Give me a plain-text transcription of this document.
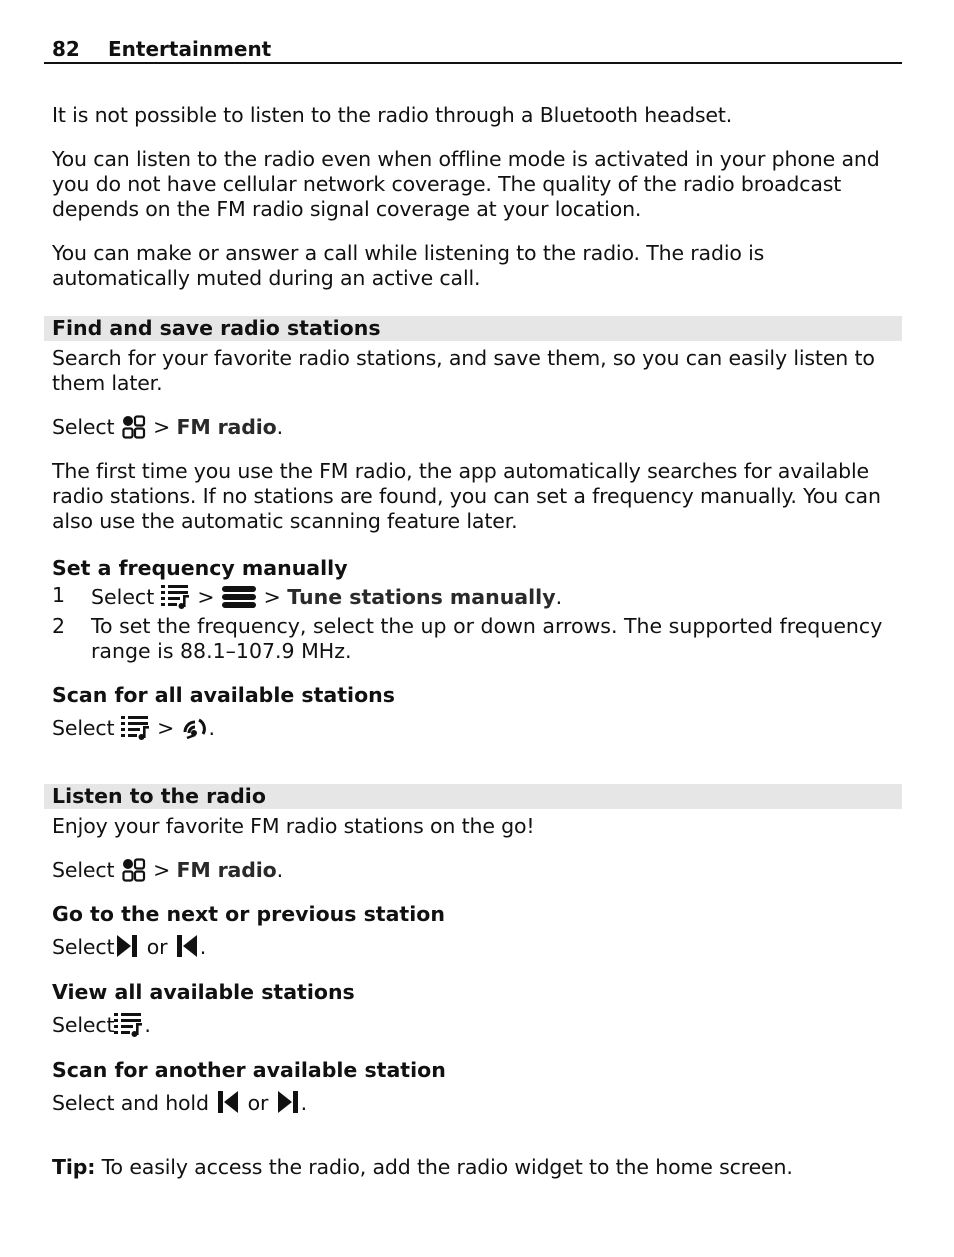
82 Entertainment

It is not possible to listen to the radio through a Bluetooth headset.

You can listen to the radio even when offline mode is activated in your phone and you do not have cellular network coverage. The quality of the radio broadcast depends on the FM radio signal coverage at your location.

You can make or answer a call while listening to the radio. The radio is automatically muted during an active call.

Find and save radio stations

Search for your favorite radio stations, and save them, so you can easily listen to them later.

Select > FM radio.

The first time you use the FM radio, the app automatically searches for available radio stations. If no stations are found, you can set a frequency manually. You can also use the automatic scanning feature later.

Set a frequency manually
1 Select > > Tune stations manually.
2 To set the frequency, select the up or down arrows. The supported frequency range is 88.1–107.9 MHz.
Scan for all available stations
Select > .
Listen to the radio

Enjoy your favorite FM radio stations on the go!

Select > FM radio.
Go to the next or previous station
Select or .
View all available stations
Select .
Scan for another available station
Select and hold or .
Tip: To easily access the radio, add the radio widget to the home screen.
